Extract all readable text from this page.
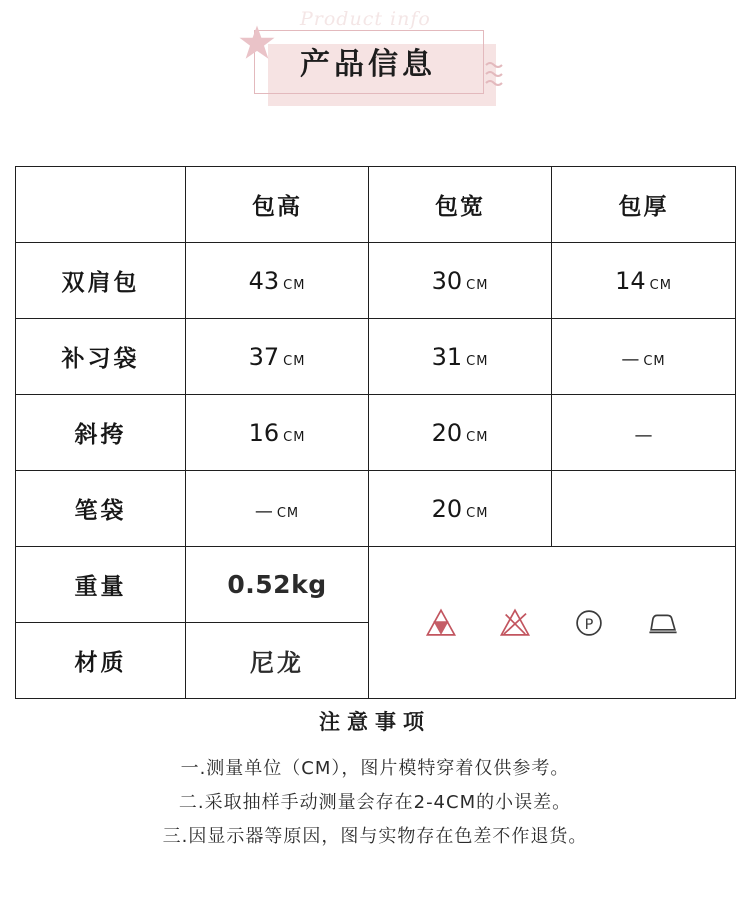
Product info
产品信息
	包高	包宽	包厚
双肩包	43 CM	30 CM	14 CM
补习袋	37 CM	31 CM	— CM
斜挎	16 CM	20 CM	—
笔袋	— CM	20 CM	
重量	0.52kg	P	

材质	尼龙		
注意事项
一.测量单位（CM），图片模特穿着仅供参考。
二.采取抽样手动测量会存在2-4CM的小误差。
三.因显示器等原因，图与实物存在色差不作退货。
